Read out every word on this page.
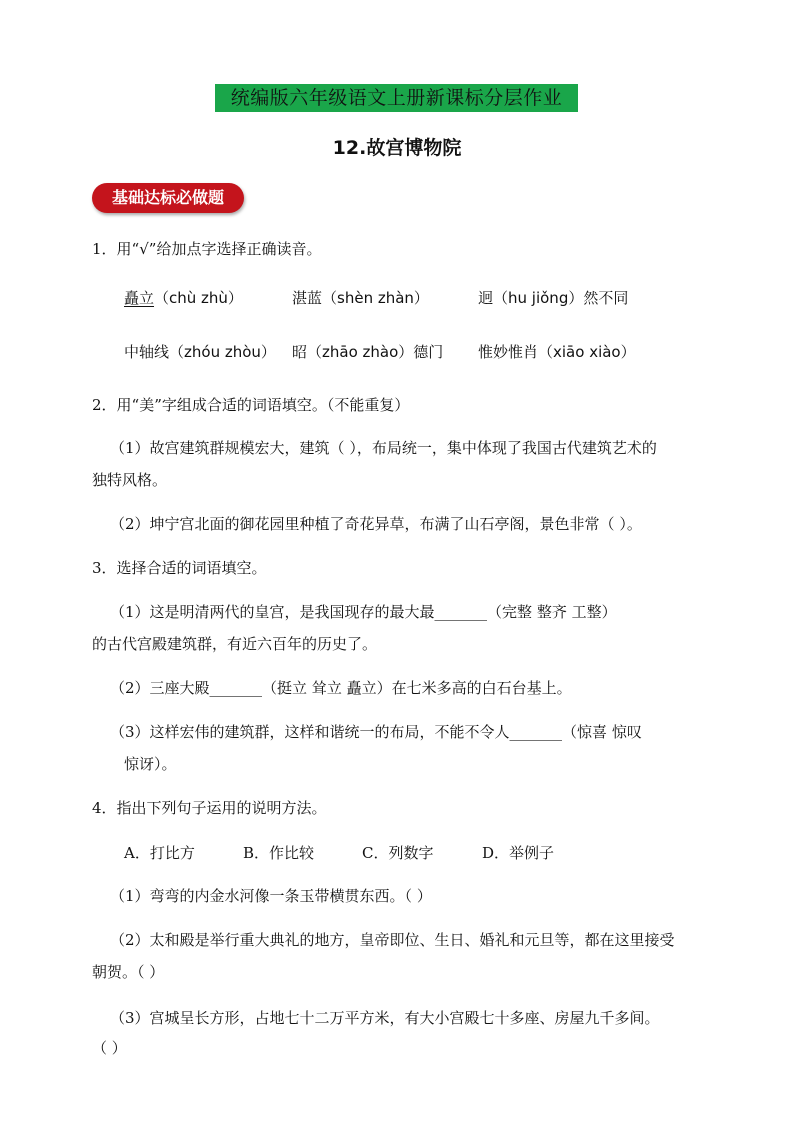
统编版六年级语文上册新课标分层作业
12.故宫博物院
基础达标必做题
1．用“√”给加点字选择正确读音。
矗立（chù zhù）	湛蓝（shèn zhàn）	迥（hu jiǒng）然不同
中轴线（zhóu zhòu） 昭（zhāo zhào）德门 惟妙惟肖（xiāo xiào）
2．用“美”字组成合适的词语填空。（不能重复）
（1）故宫建筑群规模宏大，建筑（ ），布局统一，集中体现了我国古代建筑艺术的
独特风格。
（2）坤宁宫北面的御花园里种植了奇花异草，布满了山石亭阁，景色非常（ ）。
3．选择合适的词语填空。
（1）这是明清两代的皇宫，是我国现存的最大最_______（完整 整齐 工整）
的古代宫殿建筑群，有近六百年的历史了。
（2）三座大殿_______（挺立 耸立 矗立）在七米多高的白石台基上。
（3）这样宏伟的建筑群，这样和谐统一的布局，不能不令人_______（惊喜 惊叹
惊讶）。
4．指出下列句子运用的说明方法。
A．打比方	B．作比较	C．列数字	D．举例子
（1）弯弯的内金水河像一条玉带横贯东西。（ ）
（2）太和殿是举行重大典礼的地方，皇帝即位、生日、婚礼和元旦等，都在这里接受
朝贺。（ ）
（3）宫城呈长方形，占地七十二万平方米，有大小宫殿七十多座、房屋九千多间。
（ ）
